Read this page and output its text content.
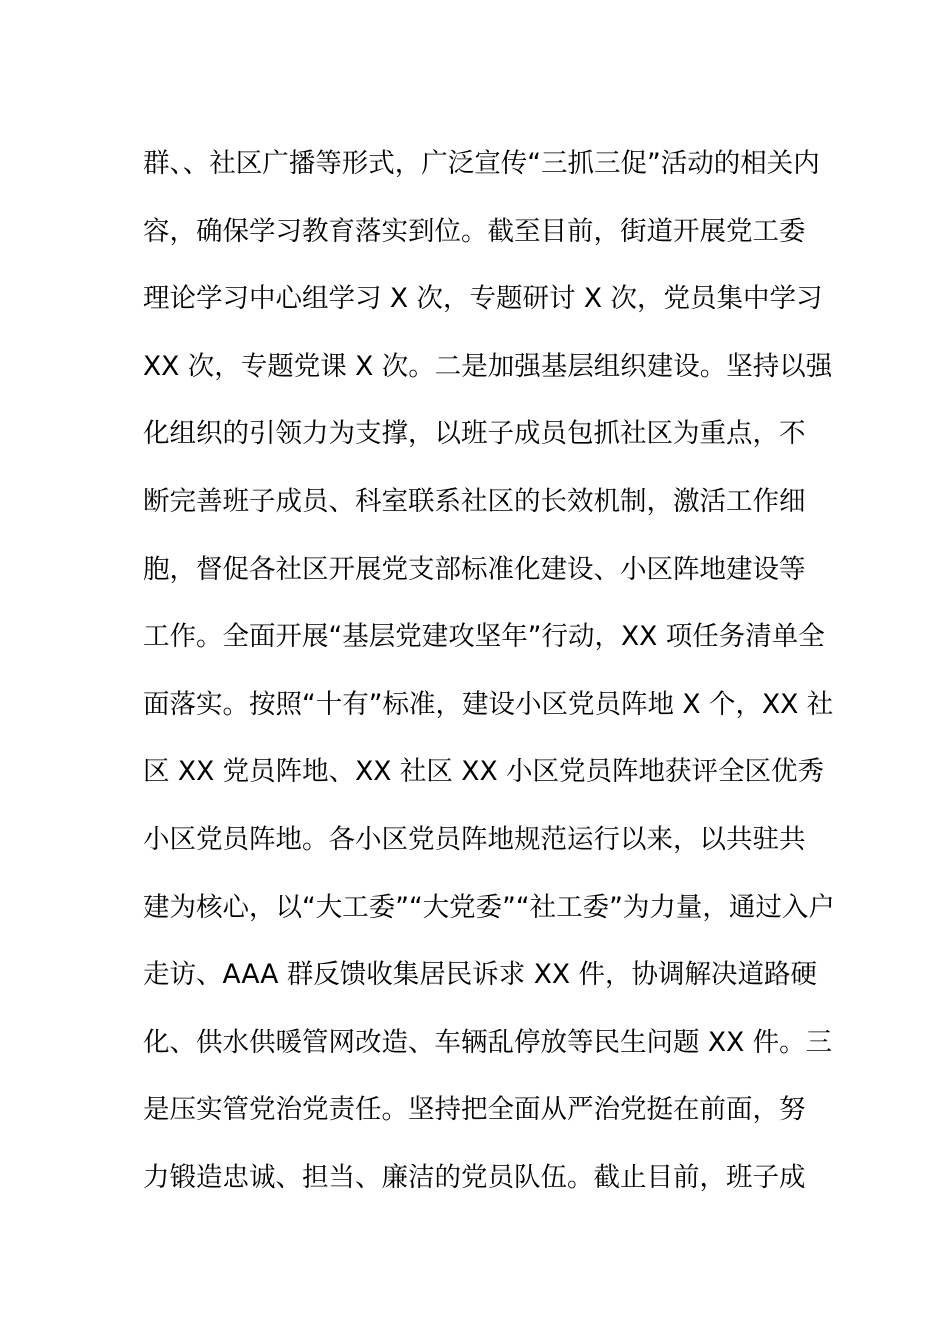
群、、社区广播等形式，广泛宣传“三抓三促”活动的相关内
容，确保学习教育落实到位。截至目前，街道开展党工委
理论学习中心组学习 X 次，专题研讨 X 次，党员集中学习
XX 次，专题党课 X 次。二是加强基层组织建设。坚持以强
化组织的引领力为支撑，以班子成员包抓社区为重点，不
断完善班子成员、科室联系社区的长效机制，激活工作细
胞，督促各社区开展党支部标准化建设、小区阵地建设等
工作。全面开展“基层党建攻坚年”行动，XX 项任务清单全
面落实。按照“十有”标准，建设小区党员阵地 X 个，XX 社
区 XX 党员阵地、XX 社区 XX 小区党员阵地获评全区优秀
小区党员阵地。各小区党员阵地规范运行以来，以共驻共
建为核心，以“大工委”“大党委”“社工委”为力量，通过入户
走访、AAA 群反馈收集居民诉求 XX 件，协调解决道路硬
化、供水供暖管网改造、车辆乱停放等民生问题 XX 件。三
是压实管党治党责任。坚持把全面从严治党挺在前面，努
力锻造忠诚、担当、廉洁的党员队伍。截止目前，班子成
